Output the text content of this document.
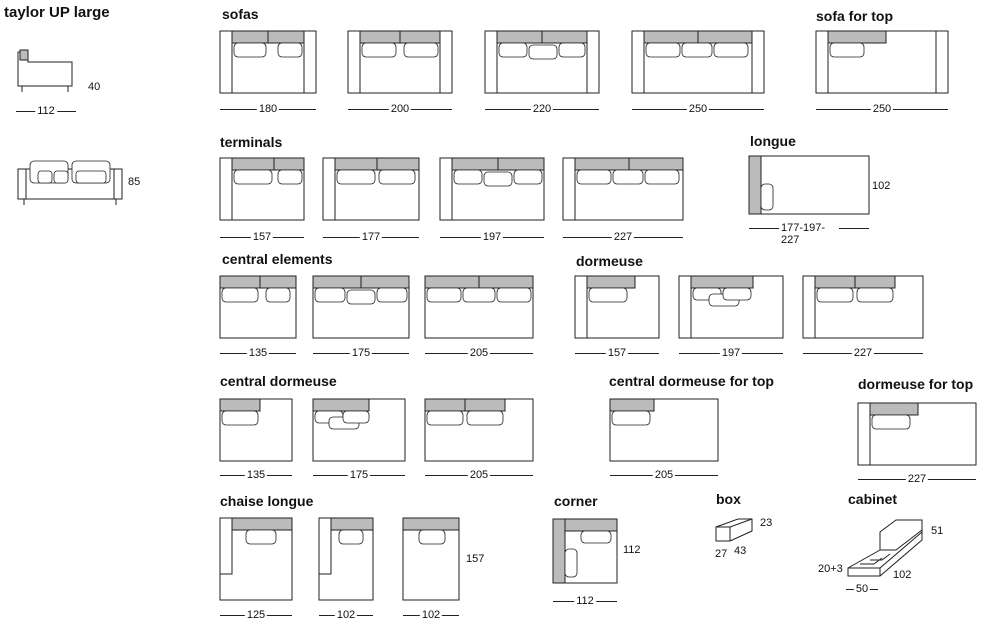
taylor UP large
40
112
85
sofas
180	200	220	250
sofa for top
250
terminals
157	177	197	227
longue
102
177-197-227
central elements
135	175	205
dormeuse
157	197	227
central dormeuse
135	175	205
central dormeuse for top
205
dormeuse for top
227
chaise longue
125	102	102
157
corner
112
112
box
23
27 43
cabinet
51
20+3	102
50
